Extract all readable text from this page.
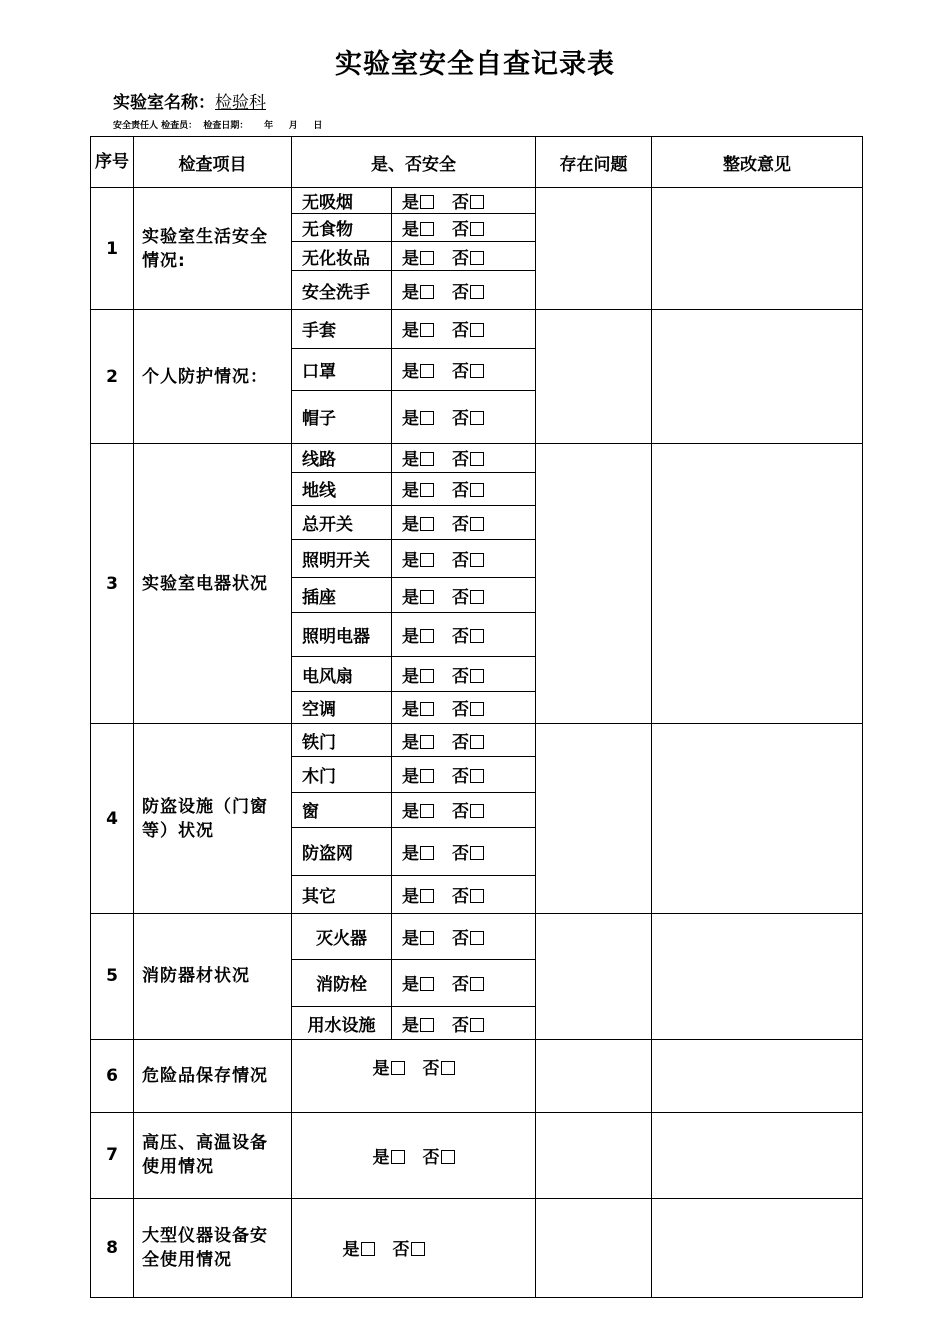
实验室安全自查记录表
实验室名称：检验科
安全责任人 检查员：  检查日期：     年     月     日
序号	检查项目	是、否安全		存在问题	整改意见
1	实验室生活安全情况:	无吸烟	是 否		
		无食物	是 否		
		无化妆品	是 否		
		安全洗手	是 否		
2	个人防护情况：	手套	是 否		
		口罩	是 否		
		帽子	是 否		
3	实验室电器状况	线路	是 否		
		地线	是 否		
		总开关	是 否		
		照明开关	是 否		
		插座	是 否		
		照明电器	是 否		
		电风扇	是 否		
		空调	是 否		
4	防盗设施（门窗等）状况	铁门	是 否		
		木门	是 否		
		窗	是 否		
		防盗网	是 否		
		其它	是 否		
5	消防器材状况	灭火器	是 否		
		消防栓	是 否		
		用水设施	是 否		
6	危险品保存情况	是 否			
7	高压、高温设备使用情况	是 否			
8	大型仪器设备安全使用情况	是 否			
